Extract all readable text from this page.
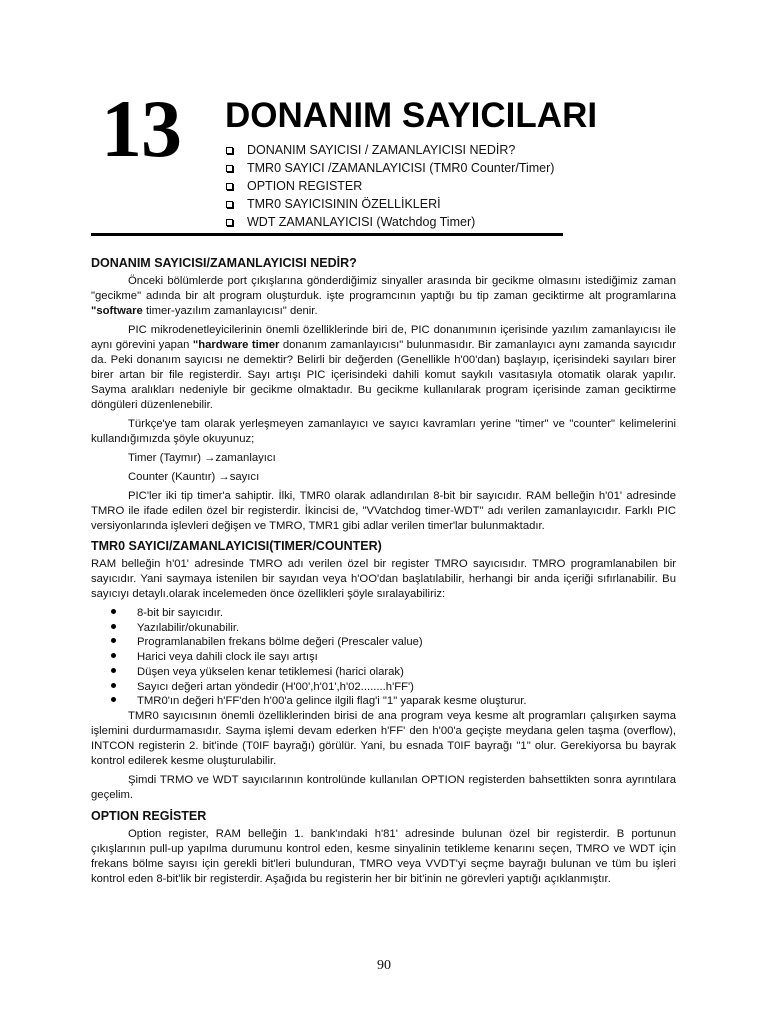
13 DONANIM SAYICILARI
DONANIM SAYICISI / ZAMANLAYICISI NEDİR?
TMR0 SAYICI /ZAMANLAYICISI (TMR0 Counter/Timer)
OPTION REGISTER
TMR0 SAYICISININ ÖZELLİKLERİ
WDT ZAMANLAYICISI (Watchdog Timer)
DONANIM SAYICISI/ZAMANLAYICISI NEDİR?

Önceki bölümlerde port çıkışlarına gönderdiğimiz sinyaller arasında bir gecikme olmasını istediğimiz zaman "gecikme" adında bir alt program oluşturduk. işte programcının yaptığı bu tip zaman geciktirme alt programlarına "software timer-yazılım zamanlayıcısı" denir.

PIC mikrodenetleyicilerinin önemli özelliklerinde biri de, PIC donanımının içerisinde yazılım zamanlayıcısı ile aynı görevini yapan "hardware timer donanım zamanlayıcısı" bulunmasıdır. Bir zamanlayıcı aynı zamanda sayıcıdır da. Peki donanım sayıcısı ne demektir? Belirli bir değerden (Genellikle h'00'dan) başlayıp, içerisindeki sayıları birer birer artan bir file registerdir. Sayı artışı PIC içerisindeki dahili komut saykılı vasıtasıyla otomatik olarak yapılır. Sayma aralıkları nedeniyle bir gecikme olmaktadır. Bu gecikme kullanılarak program içerisinde zaman geciktirme döngüleri düzenlenebilir.

Türkçe'ye tam olarak yerleşmeyen zamanlayıcı ve sayıcı kavramları yerine "timer" ve "counter" kelimelerini kullandığımızda şöyle okuyunuz;

Timer (Taymır) →zamanlayıcı

Counter (Kauntır) →sayıcı

PIC'ler iki tip timer'a sahiptir. İlki, TMR0 olarak adlandırılan 8-bit bir sayıcıdır. RAM belleğin h'01' adresinde TMRO ile ifade edilen özel bir registerdir. İkincisi de, "VVatchdog timer-WDT" adı verilen zamanlayıcıdır. Farklı PIC versiyonlarında işlevleri değişen ve TMRO, TMR1 gibi adlar verilen timer'lar bulunmaktadır.

TMR0 SAYICI/ZAMANLAYICISI(TIMER/COUNTER)

RAM belleğin h'01' adresinde TMRO adı verilen özel bir register TMRO sayıcısıdır. TMRO programlanabilen bir sayıcıdır. Yani saymaya istenilen bir sayıdan veya h'OO'dan başlatılabilir, herhangi bir anda içeriği sıfırlanabilir. Bu sayıcıyı detaylı.olarak incelemeden önce özellikleri şöyle sıralayabiliriz:

8-bit bir sayıcıdır.
Yazılabilir/okunabilir.
Programlanabilen frekans bölme değeri (Prescaler value)
Harici veya dahili clock ile sayı artışı
Düşen veya yükselen kenar tetiklemesi (harici olarak)
Sayıcı değeri artan yöndedir (H'00',h'01',h'02........h'FF')
TMR0'ın değeri h'FF'den h'00'a gelince ilgili flag'i "1" yaparak kesme oluşturur.

TMR0 sayıcısının önemli özelliklerinden birisi de ana program veya kesme alt programları çalışırken sayma işlemini durdurmamasıdır. Sayma işlemi devam ederken h'FF' den h'00'a geçişte meydana gelen taşma (overflow), INTCON registerin 2. bit'inde (T0IF bayrağı) görülür. Yani, bu esnada T0IF bayrağı "1" olur. Gerekiyorsa bu bayrak kontrol edilerek kesme oluşturulabilir.

Şimdi TRMO ve WDT sayıcılarının kontrolünde kullanılan OPTION registerden bahsettikten sonra ayrıntılara geçelim.

OPTION REGİSTER

Option register, RAM belleğin 1. bank'ındaki h'81' adresinde bulunan özel bir registerdir. B portunun çıkışlarının pull-up yapılma durumunu kontrol eden, kesme sinyalinin tetikleme kenarını seçen, TMRO ve WDT için frekans bölme sayısı için gerekli bit'leri bulunduran, TMRO veya VVDT'yi seçme bayrağı bulunan ve tüm bu işleri kontrol eden 8-bit'lik bir registerdir. Aşağıda bu registerin her bir bit'inin ne görevleri yaptığı açıklanmıştır.

90
